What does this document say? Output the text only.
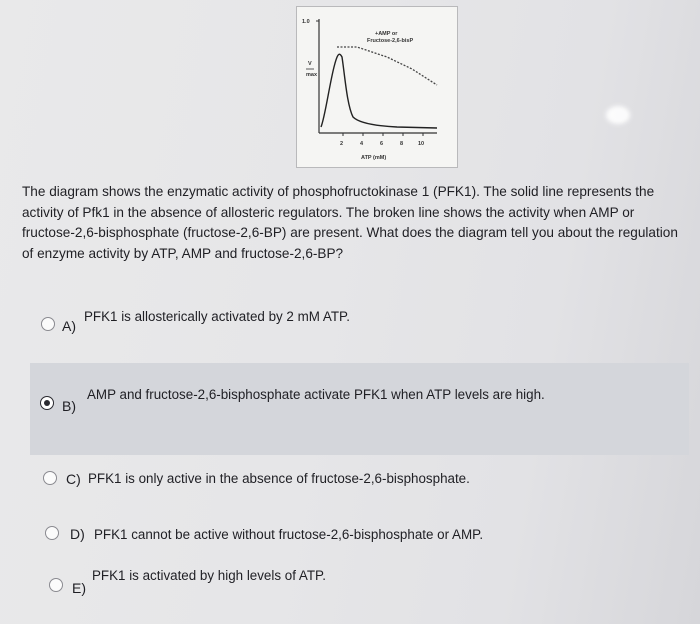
1.0
V
max
+AMP or
Fructose-2,6-bisP
2	4	6	8	10
ATP (mM)
The diagram shows the enzymatic activity of phosphofructokinase 1 (PFK1). The solid line represents the activity of Pfk1 in the absence of allosteric regulators. The broken line shows the activity when AMP or fructose-2,6-bisphosphate (fructose-2,6-BP) are present. What does the diagram tell you about the regulation of enzyme activity by ATP, AMP and fructose-2,6-BP?
A)
PFK1 is allosterically activated by 2 mM ATP.
B)
AMP and fructose-2,6-bisphosphate activate PFK1 when ATP levels are high.
C) PFK1 is only active in the absence of fructose-2,6-bisphosphate.
D) PFK1 cannot be active without fructose-2,6-bisphosphate or AMP.
E)
PFK1 is activated by high levels of ATP.
